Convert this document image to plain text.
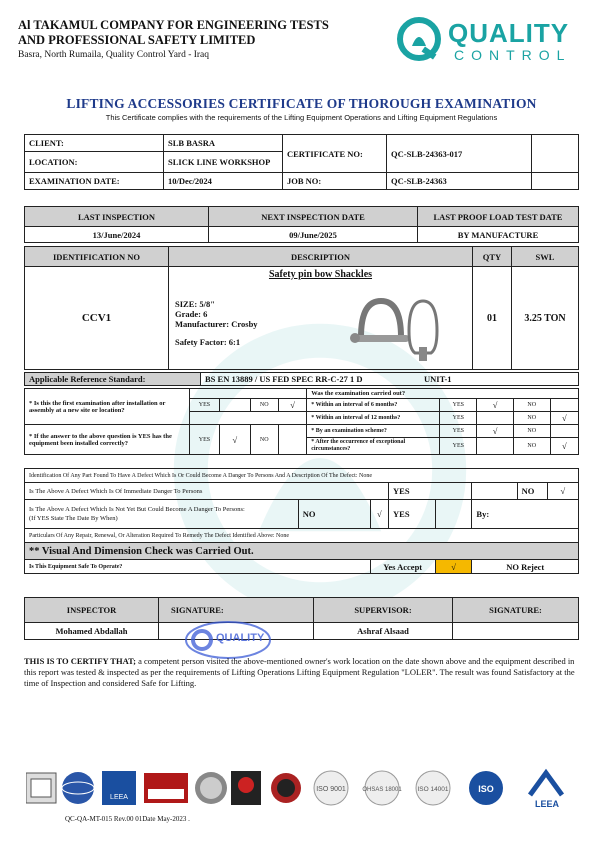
Al TAKAMUL COMPANY FOR ENGINEERING TESTS
AND PROFESSIONAL SAFETY LIMITED
Basra, North Rumaila, Quality Control Yard - Iraq
QUALITY
CONTROL
LIFTING ACCESSORIES CERTIFICATE OF THOROUGH EXAMINATION
This Certificate complies with the requirements of the Lifting Equipment Operations and Lifting Equipment Regulations
CLIENT:	SLB BASRA	CERTIFICATE NO:	QC-SLB-24363-017	
LOCATION:	SLICK LINE WORKSHOP			
EXAMINATION DATE:	10/Dec/2024	JOB NO:	QC-SLB-24363	
LAST INSPECTION	NEXT INSPECTION DATE	LAST PROOF LOAD TEST DATE
13/June/2024	09/June/2025	BY MANUFACTURE
IDENTIFICATION NO	DESCRIPTION	QTY	SWL
CCV1	Safety pin bow Shackles
SIZE: 5/8"
Grade: 6
Manufacturer: Crosby
Safety Factor: 6:1	01	3.25 TON
Applicable Reference Standard:	BS EN 13889 / US FED SPEC RR-C-27 1 D	UNIT-1
* Is this the first examination after installation or assembly at a new site or location?					Was the examination carried out?				
	YES		NO	√	* Within an interval of 6 months?	YES	√	NO	
					* Within an interval of 12 months?	YES		NO	√
* If the answer to the above question is YES has the equipment been installed correctly?	YES	√	NO		* By an examination scheme?	YES	√	NO	
					* After the occurrence of exceptional circumstances?	YES		NO	√
Identification Of Any Part Found To Have A Defect Which Is Or Could Become A Danger To Persons And A Description Of The Defect: None							
Is The Above A Defect Which Is Of Immediate Danger To Persons			YES			NO	√

Is The Above A Defect Which Is Not Yet But Could Become A Danger To Persons:
(If YES State The Date By When)	NO	√	YES		By:		
Particulars Of Any Repair, Renewal, Or Alteration Required To Remedy The Defect Identified Above: None							
** Visual And Dimension Check was Carried Out.							
Is This Equipment Safe To Operate?		Yes Accept		√	NO Reject		
INSPECTOR	SIGNATURE:	SUPERVISOR:	SIGNATURE:
Mohamed Abdallah		Ashraf Alsaad	
QUALITY
THIS IS TO CERTIFY THAT; a competent person visited the above-mentioned owner's work location on the date shown above and the equipment described in this report was tested & inspected as per the requirements of Lifting Operations Lifting Equipment Regulation "LOLER". The result was found Satisfactory at the time of Inspection and considered Safe for Lifting.
LEEA
ISO 9001	OHSAS 18001 ISO 14001	ISO
LEEA
QC-QA-MT-015 Rev.00 01Date May-2023 .
